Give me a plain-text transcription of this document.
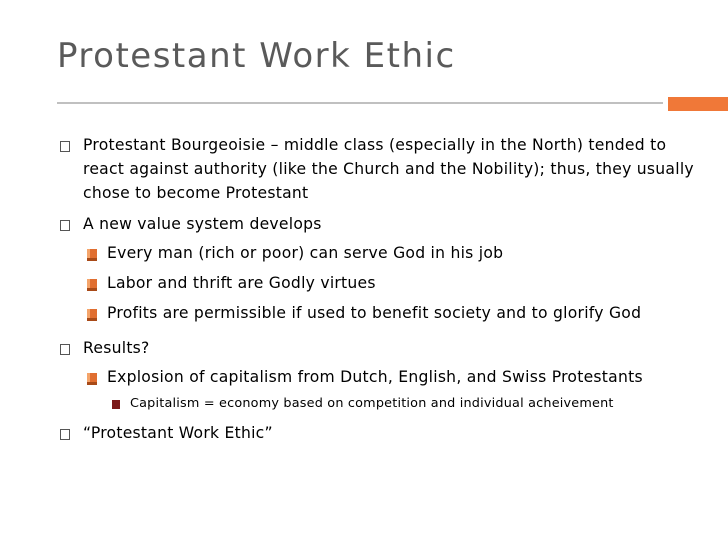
Protestant Work Ethic
Protestant Bourgeoisie – middle class (especially in the North) tended to
react against authority (like the Church and the Nobility); thus, they usually
chose to become Protestant
A new value system develops
Every man (rich or poor) can serve God in his job
Labor and thrift are Godly virtues
Profits are permissible if used to benefit society and to glorify God
Results?
Explosion of capitalism from Dutch, English, and Swiss Protestants
Capitalism = economy based on competition and individual acheivement
“Protestant Work Ethic”
